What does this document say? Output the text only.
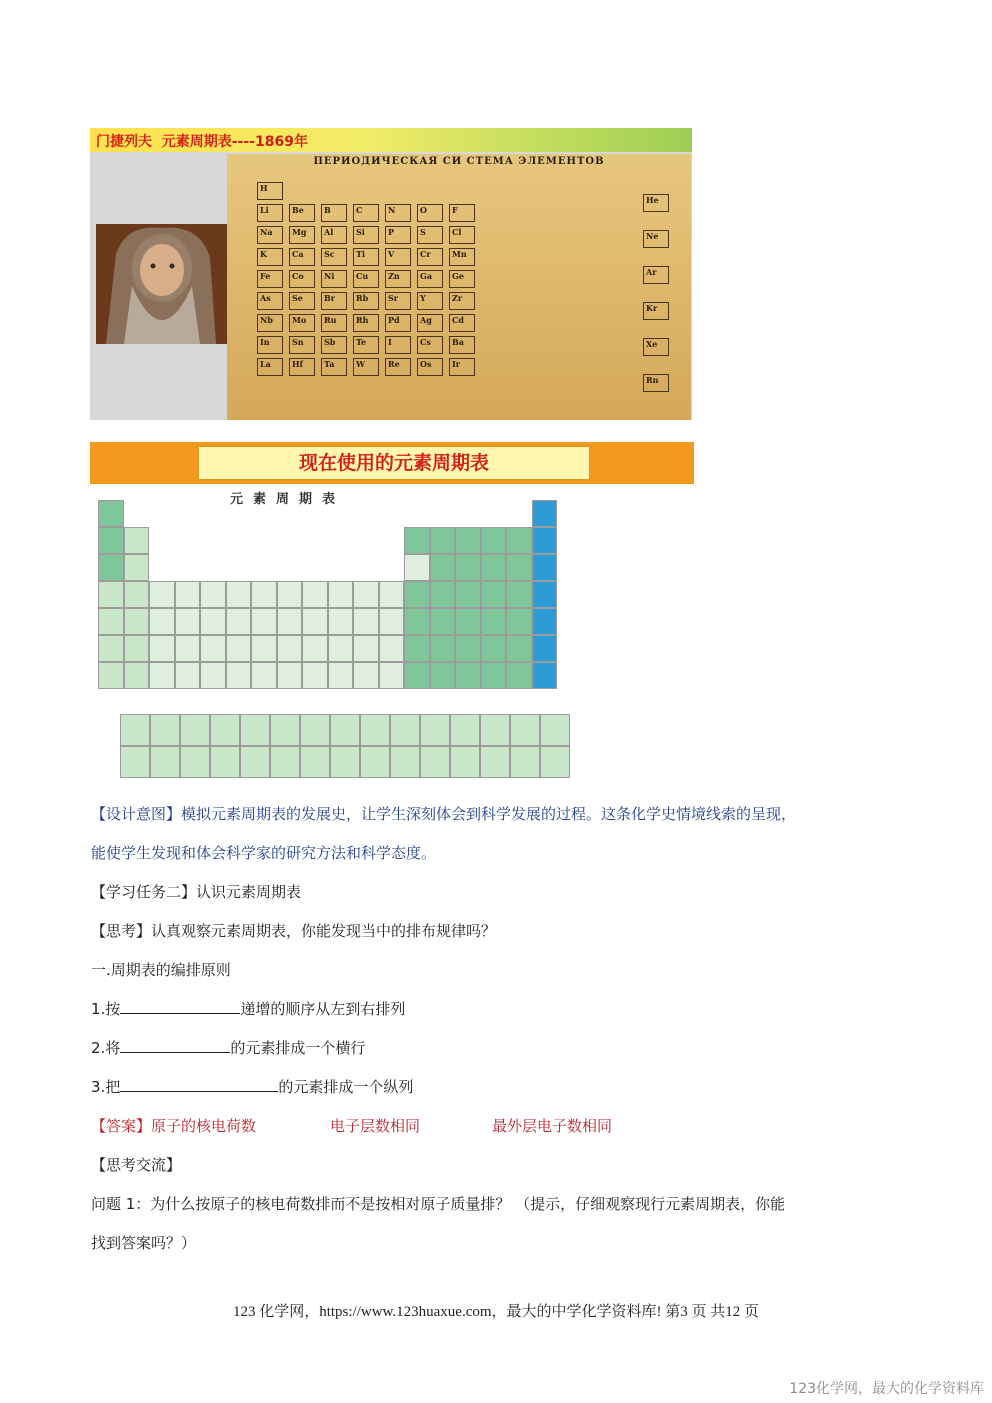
门捷列夫  元素周期表----1869年
ПЕРИОДИЧЕСКАЯ СИ СТЕМА ЭЛЕМЕНТОВ
H
Li	Be	B	C	N	O	F
Na	Mg	Al	Si	P	S	Cl
K	Ca	Sc	Ti	V	Cr	Mn
Fe	Co	Ni	Cu	Zn	Ga	Ge
As	Se	Br	Rb	Sr	Y	Zr
Nb	Mo	Ru	Rh	Pd	Ag	Cd
In	Sn	Sb	Te	I	Cs	Ba
La	Hf	Ta	W	Re	Os	Ir
He
Ne
Ar
Kr
Xe
Rn
现在使用的元素周期表
元素周期表
【设计意图】模拟元素周期表的发展史，让学生深刻体会到科学发展的过程。这条化学史情境线索的呈现，
能使学生发现和体会科学家的研究方法和科学态度。
【学习任务二】认识元素周期表
【思考】认真观察元素周期表，你能发现当中的排布规律吗？
一.周期表的编排原则
1.按	递增的顺序从左到右排列
2.将	的元素排成一个横行
3.把	的元素排成一个纵列
【答案】原子的核电荷数	电子层数相同	最外层电子数相同
【思考交流】
问题 1：为什么按原子的核电荷数排而不是按相对原子质量排？ （提示，仔细观察现行元素周期表，你能
找到答案吗？）
123 化学网，https://www.123huaxue.com，最大的中学化学资料库! 第3 页 共12 页
123化学网，最大的化学资料库
